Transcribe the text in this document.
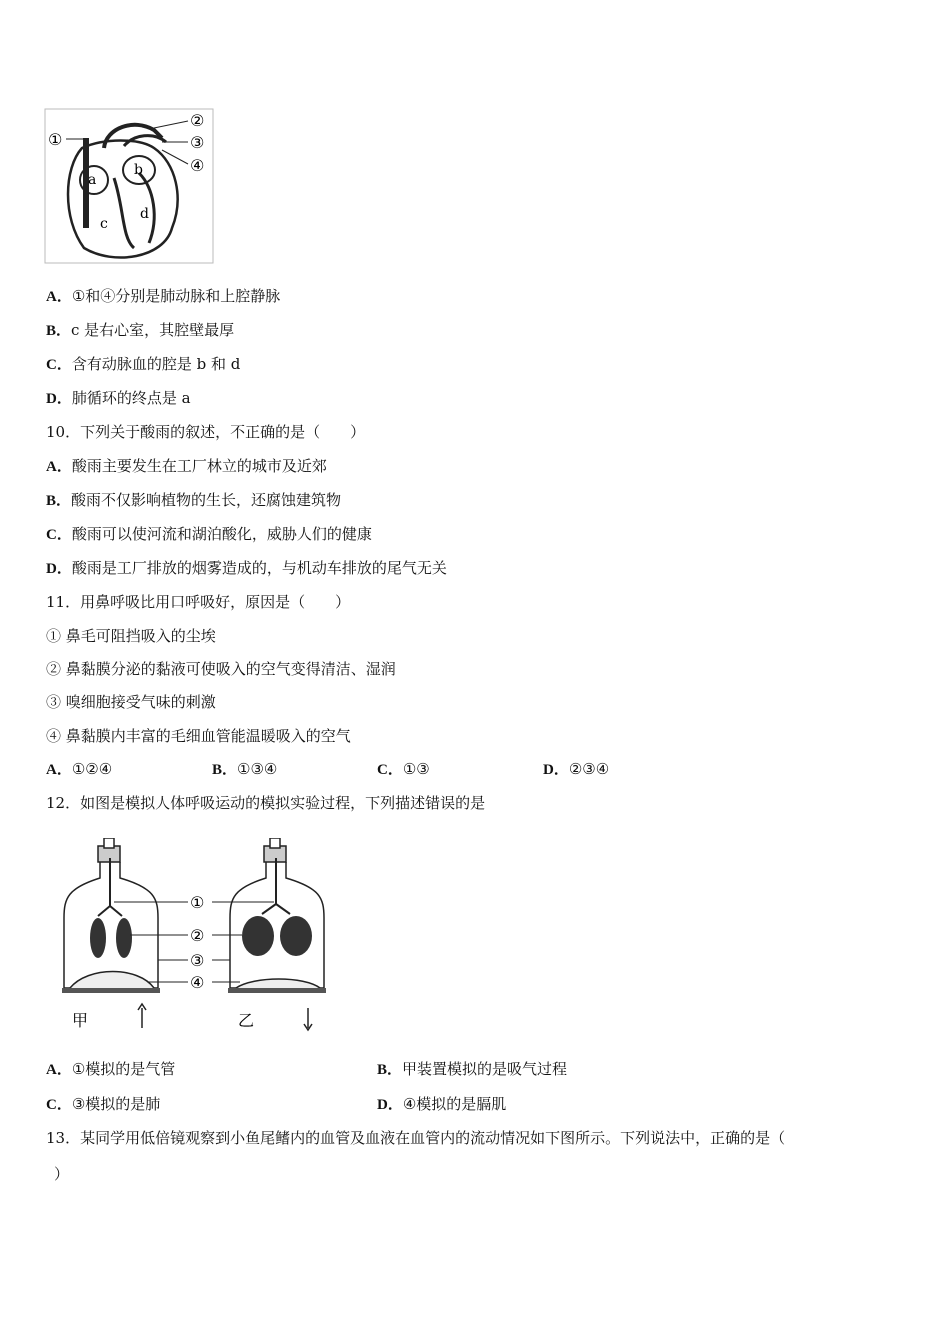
①
②
③
④
a
b
c
d
A．①和④分别是肺动脉和上腔静脉
B．c 是右心室，其腔壁最厚
C．含有动脉血的腔是 b 和 d
D．肺循环的终点是 a
10．下列关于酸雨的叙述，不正确的是（　　）
A．酸雨主要发生在工厂林立的城市及近郊
B．酸雨不仅影响植物的生长，还腐蚀建筑物
C．酸雨可以使河流和湖泊酸化，威胁人们的健康
D．酸雨是工厂排放的烟雾造成的，与机动车排放的尾气无关
11．用鼻呼吸比用口呼吸好，原因是（　　）
① 鼻毛可阻挡吸入的尘埃
② 鼻黏膜分泌的黏液可使吸入的空气变得清洁、湿润
③ 嗅细胞接受气味的刺激
④ 鼻黏膜内丰富的毛细血管能温暖吸入的空气
A．①②④	B．①③④	C．①③	D．②③④
12．如图是模拟人体呼吸运动的模拟实验过程，下列描述错误的是
①
②
③
④
甲	乙
A．①模拟的是气管	B．甲装置模拟的是吸气过程
C．③模拟的是肺	D．④模拟的是膈肌
13．某同学用低倍镜观察到小鱼尾鳍内的血管及血液在血管内的流动情况如下图所示。下列说法中，正确的是（
）
